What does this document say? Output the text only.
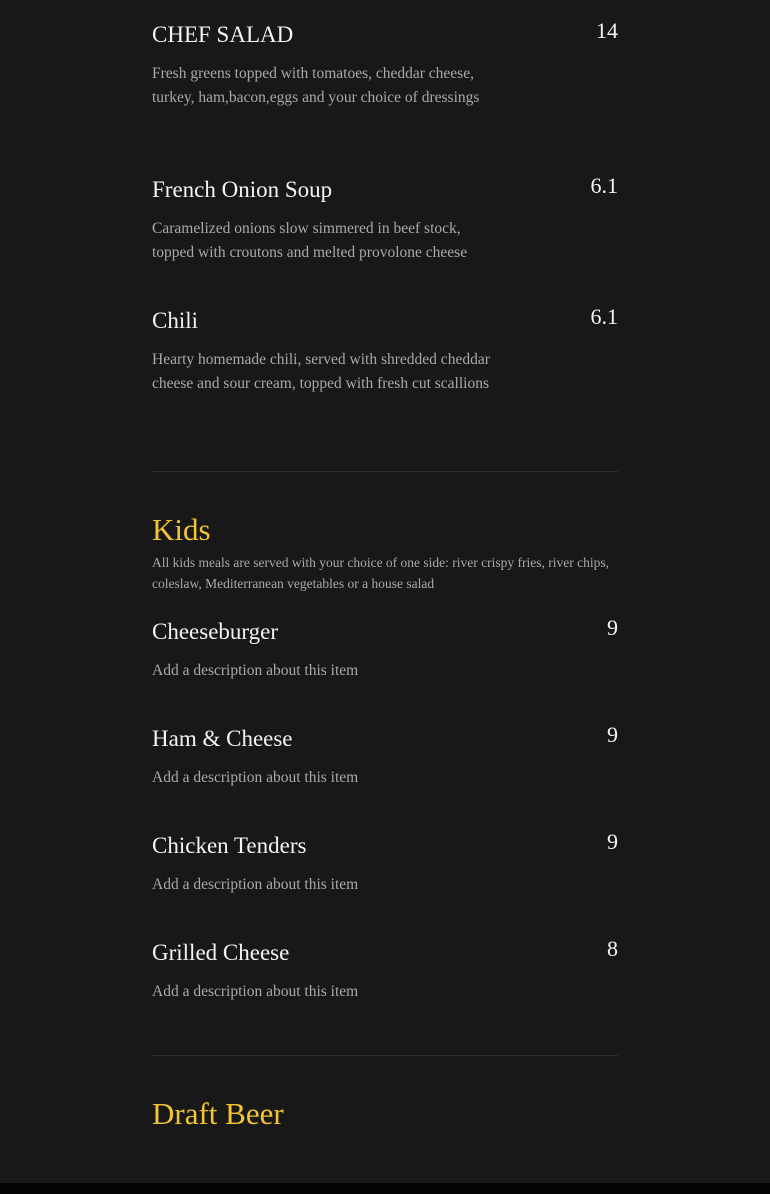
CHEF SALAD	14
Fresh greens topped with tomatoes, cheddar cheese, turkey, ham,bacon,eggs and your choice of dressings
French Onion Soup	6.1
Caramelized onions slow simmered in beef stock, topped with croutons and melted provolone cheese
Chili	6.1
Hearty homemade chili, served with shredded cheddar cheese and sour cream, topped with fresh cut scallions
Kids
All kids meals are served with your choice of one side: river crispy fries, river chips, coleslaw, Mediterranean vegetables or a house salad
Cheeseburger	9
Add a description about this item
Ham & Cheese	9
Add a description about this item
Chicken Tenders	9
Add a description about this item
Grilled Cheese	8
Add a description about this item
Draft Beer
